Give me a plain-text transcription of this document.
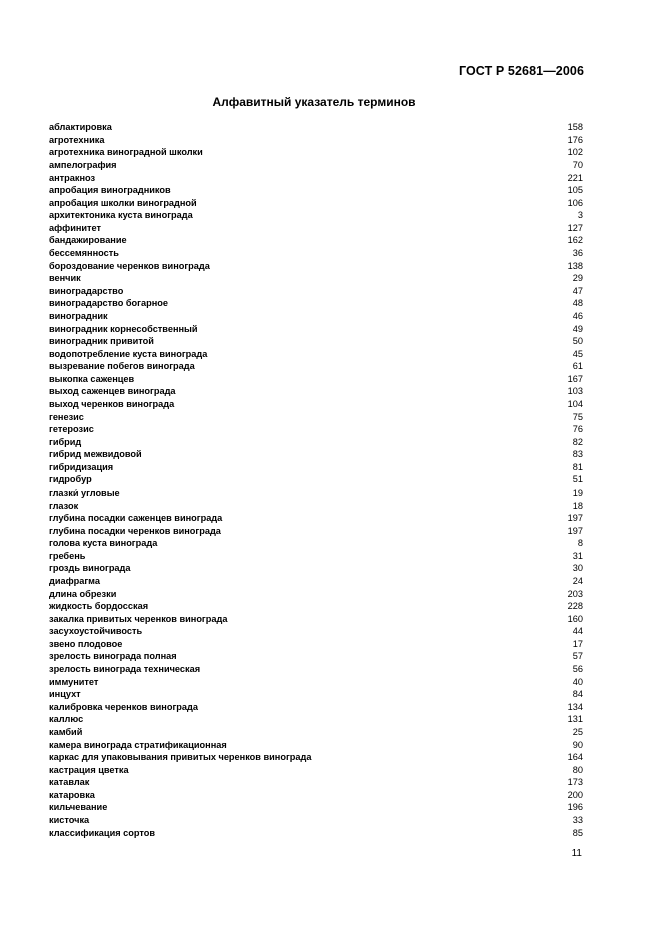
ГОСТ Р 52681—2006
Алфавитный указатель терминов
аблактировка	158
агротехника	176
агротехника виноградной школки	102
ампелография	70
антракноз	221
апробация виноградников	105
апробация школки виноградной	106
архитектоника куста винограда	3
аффинитет	127
бандажирование	162
бессемянность	36
бороздование черенков винограда	138
венчик	29
виноградарство	47
виноградарство богарное	48
виноградник	46
виноградник корнесобственный	49
виноградник привитой	50
водопотребление куста винограда	45
вызревание побегов винограда	61
выкопка саженцев	167
выход саженцев винограда	103
выход черенков винограда	104
генезис	75
гетерозис	76
гибрид	82
гибрид межвидовой	83
гибридизация	81
гидробур	51
глазки́ угловые	19
глазок	18
глубина посадки саженцев винограда	197
глубина посадки черенков винограда	197
голова куста винограда	8
гребень	31
гроздь винограда	30
диафрагма	24
длина обрезки	203
жидкость бордосская	228
закалка привитых черенков винограда	160
засухоустойчивость	44
звено плодовое	17
зрелость винограда полная	57
зрелость винограда техническая	56
иммунитет	40
инцухт	84
калибровка черенков винограда	134
каллюс	131
камбий	25
камера винограда стратификационная	90
каркас для упаковывания привитых черенков винограда	164
кастрация цветка	80
катавлак	173
катаровка	200
кильчевание	196
кисточка	33
классификация сортов	85
11
